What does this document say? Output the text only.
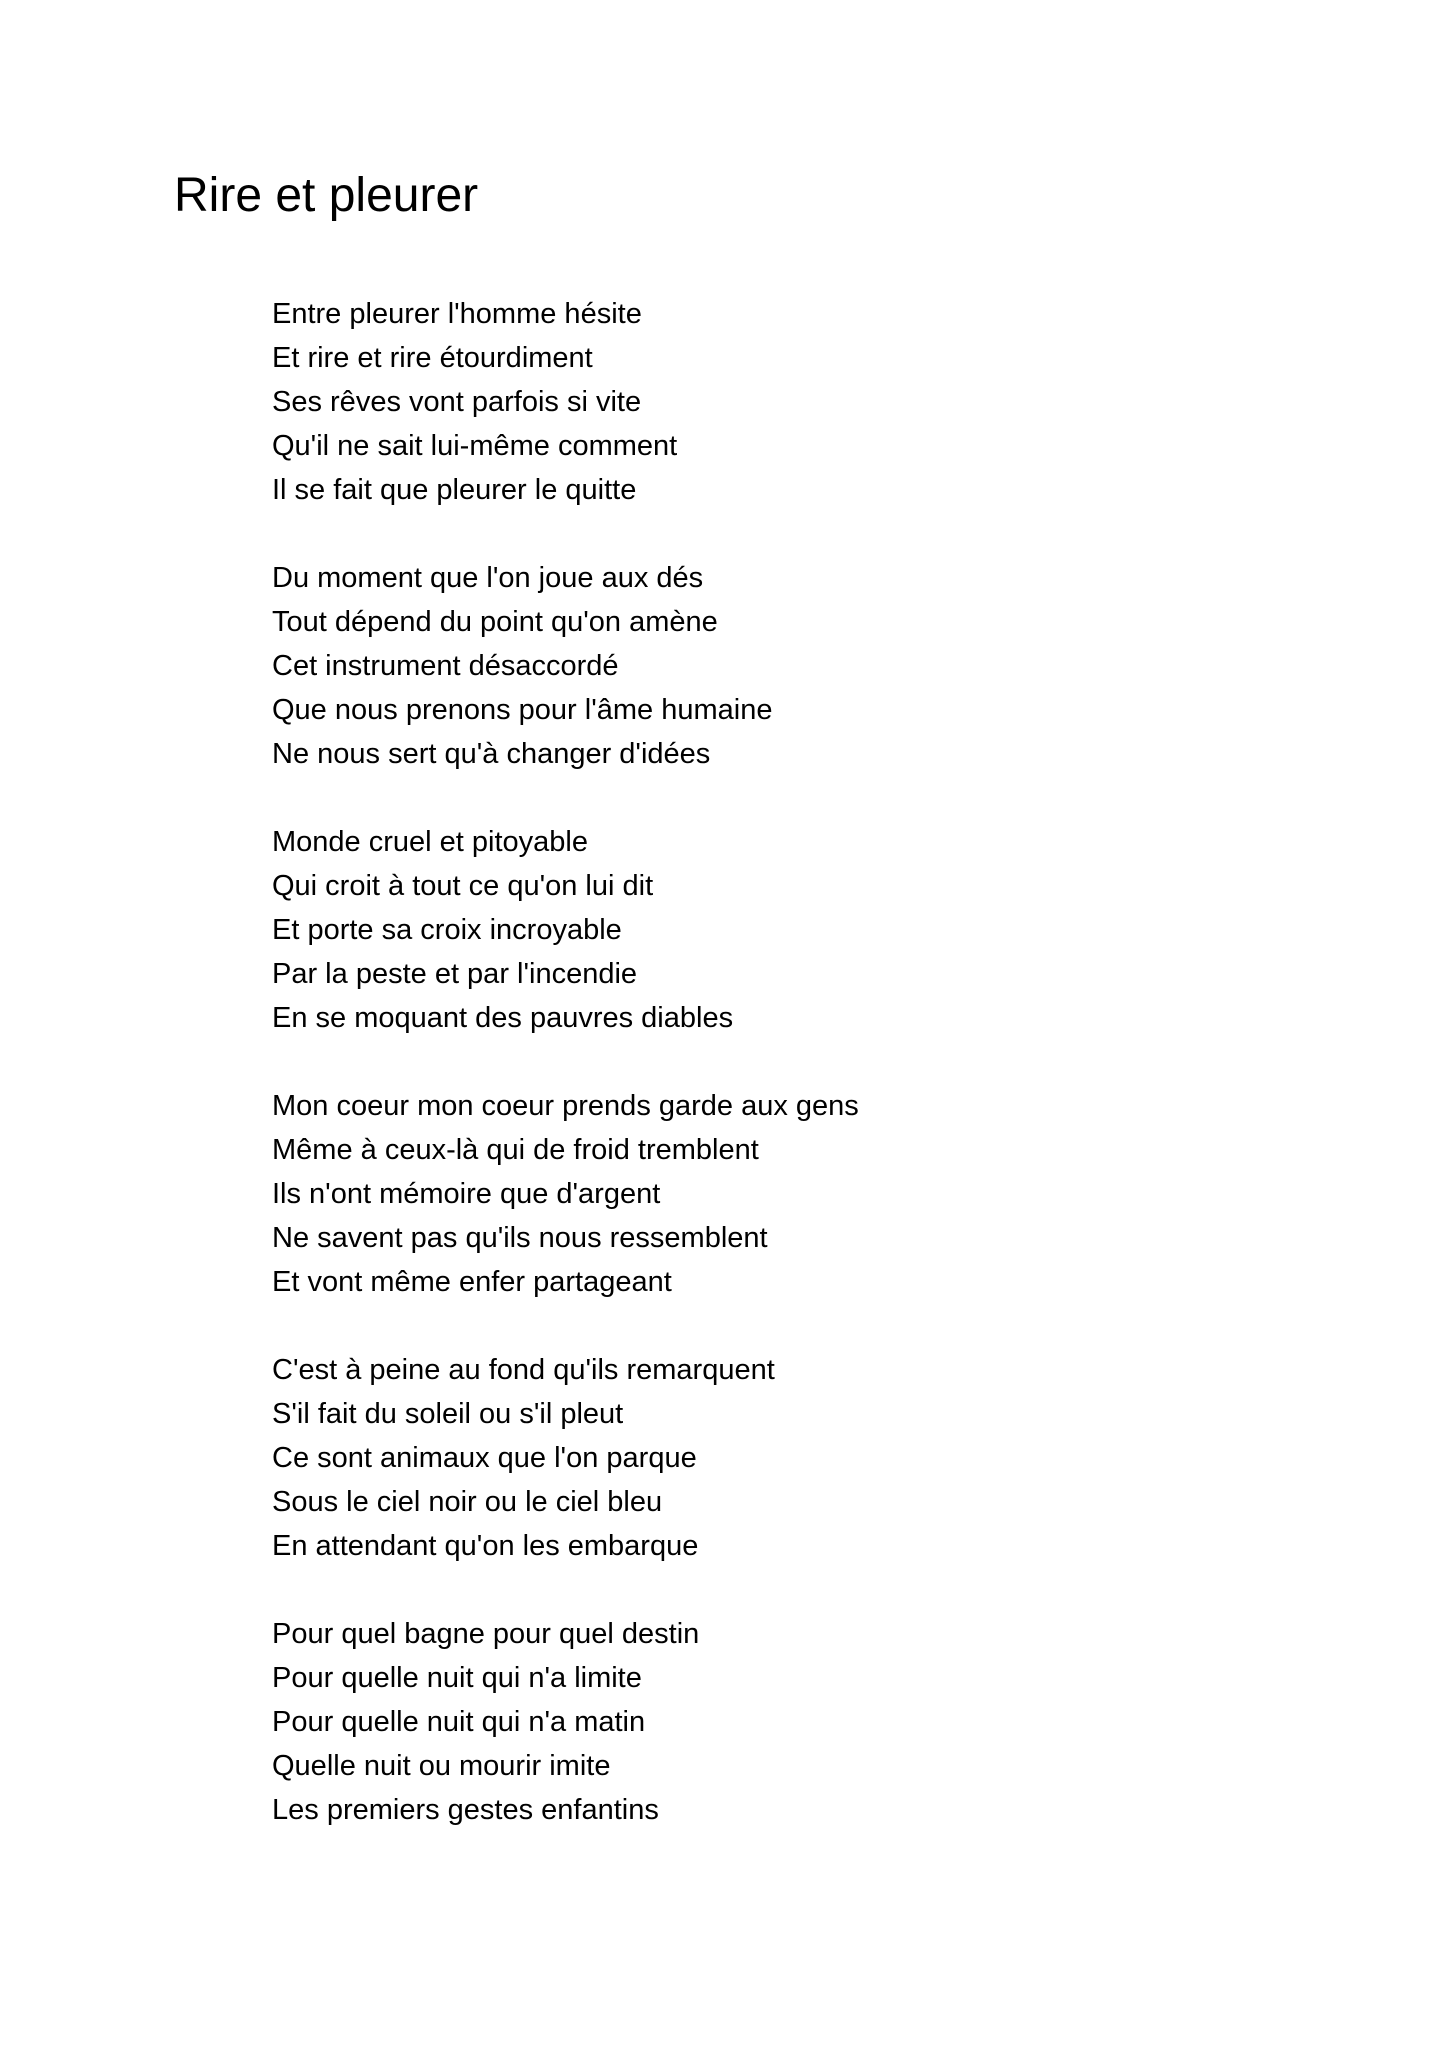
Rire et pleurer
Entre pleurer l'homme hésite
Et rire et rire étourdiment
Ses rêves vont parfois si vite
Qu'il ne sait lui-même comment
Il se fait que pleurer le quitte
Du moment que l'on joue aux dés
Tout dépend du point qu'on amène
Cet instrument désaccordé
Que nous prenons pour l'âme humaine
Ne nous sert qu'à changer d'idées
Monde cruel et pitoyable
Qui croit à tout ce qu'on lui dit
Et porte sa croix incroyable
Par la peste et par l'incendie
En se moquant des pauvres diables
Mon coeur mon coeur prends garde aux gens
Même à ceux-là qui de froid tremblent
Ils n'ont mémoire que d'argent
Ne savent pas qu'ils nous ressemblent
Et vont même enfer partageant
C'est à peine au fond qu'ils remarquent
S'il fait du soleil ou s'il pleut
Ce sont animaux que l'on parque
Sous le ciel noir ou le ciel bleu
En attendant qu'on les embarque
Pour quel bagne pour quel destin
Pour quelle nuit qui n'a limite
Pour quelle nuit qui n'a matin
Quelle nuit ou mourir imite
Les premiers gestes enfantins
